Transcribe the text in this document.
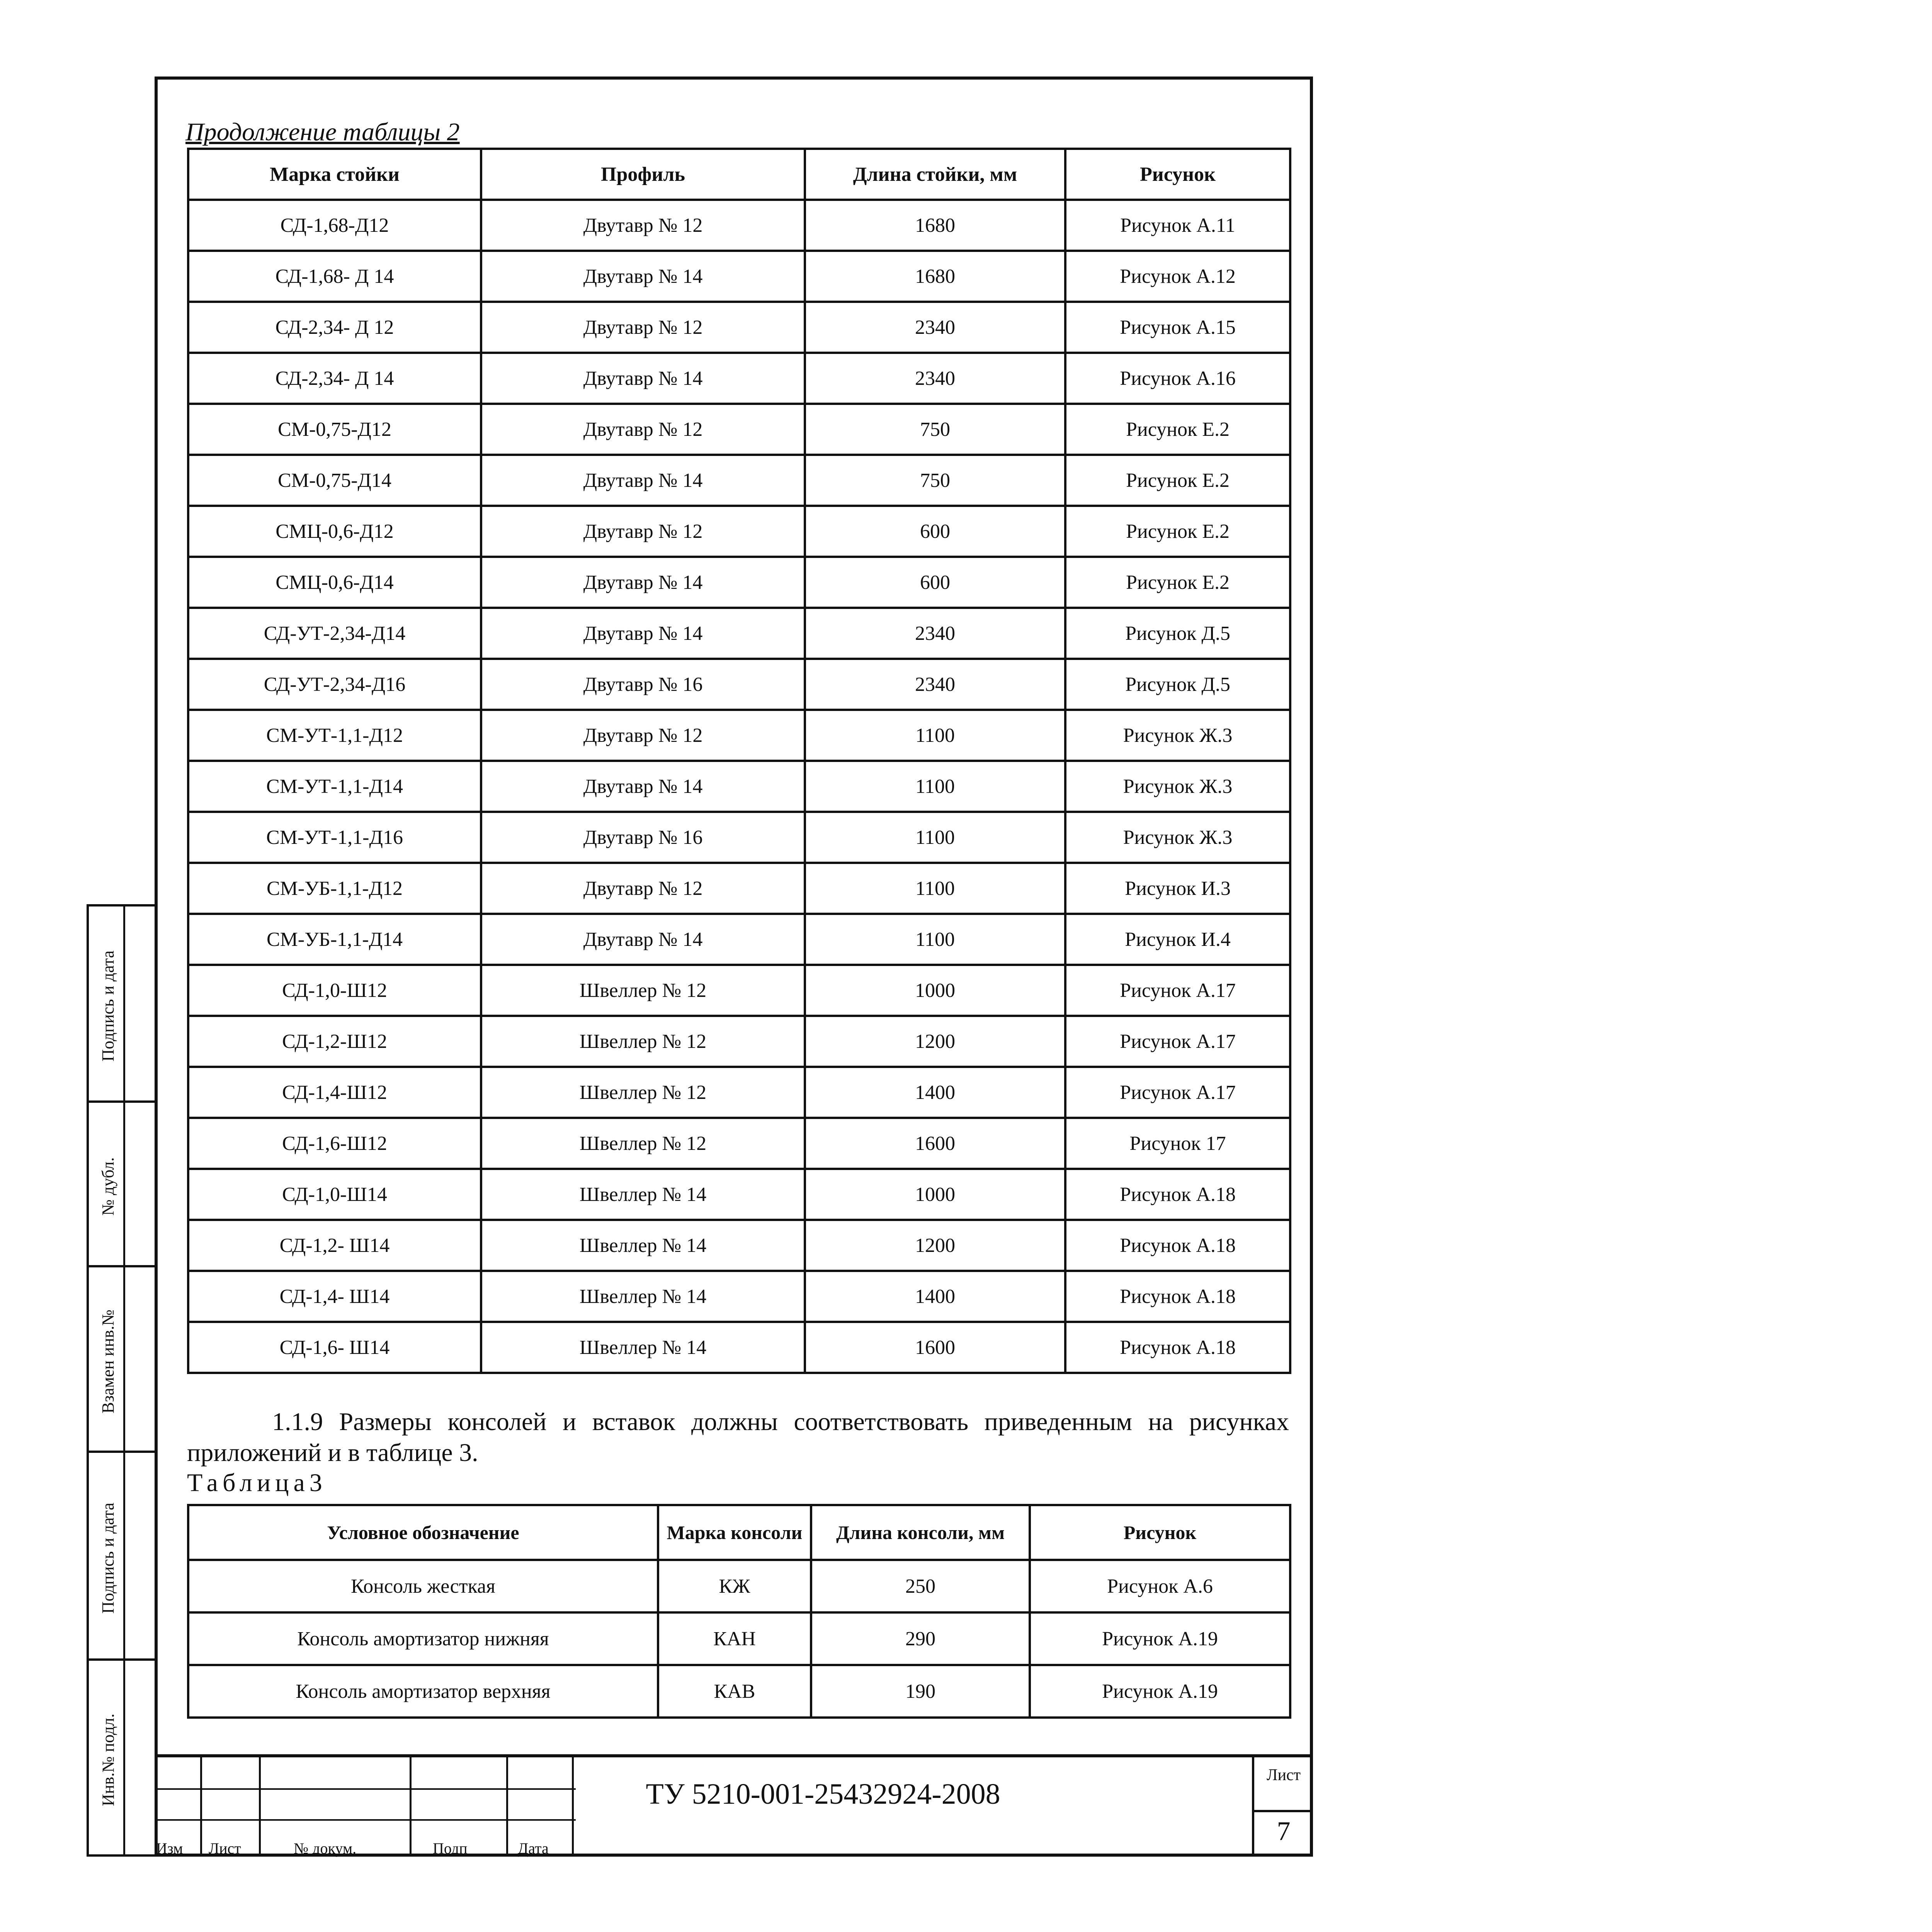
Продолжение таблицы 2
Марка стойки	Профиль	Длина стойки, мм	Рисунок
СД-1,68-Д12	Двутавр № 12	1680	Рисунок А.11
СД-1,68- Д 14	Двутавр № 14	1680	Рисунок А.12
СД-2,34- Д 12	Двутавр № 12	2340	Рисунок А.15
СД-2,34- Д 14	Двутавр № 14	2340	Рисунок А.16
СМ-0,75-Д12	Двутавр № 12	750	Рисунок Е.2
СМ-0,75-Д14	Двутавр № 14	750	Рисунок Е.2
СМЦ-0,6-Д12	Двутавр № 12	600	Рисунок Е.2
СМЦ-0,6-Д14	Двутавр № 14	600	Рисунок Е.2
СД-УТ-2,34-Д14	Двутавр № 14	2340	Рисунок Д.5
СД-УТ-2,34-Д16	Двутавр № 16	2340	Рисунок Д.5
СМ-УТ-1,1-Д12	Двутавр № 12	1100	Рисунок Ж.3
СМ-УТ-1,1-Д14	Двутавр № 14	1100	Рисунок Ж.3
СМ-УТ-1,1-Д16	Двутавр № 16	1100	Рисунок Ж.3
СМ-УБ-1,1-Д12	Двутавр № 12	1100	Рисунок И.3
СМ-УБ-1,1-Д14	Двутавр № 14	1100	Рисунок И.4
СД-1,0-Ш12	Швеллер № 12	1000	Рисунок А.17
СД-1,2-Ш12	Швеллер № 12	1200	Рисунок А.17
СД-1,4-Ш12	Швеллер № 12	1400	Рисунок А.17
СД-1,6-Ш12	Швеллер № 12	1600	Рисунок 17
СД-1,0-Ш14	Швеллер № 14	1000	Рисунок А.18
СД-1,2- Ш14	Швеллер № 14	1200	Рисунок А.18
СД-1,4- Ш14	Швеллер № 14	1400	Рисунок А.18
СД-1,6- Ш14	Швеллер № 14	1600	Рисунок А.18
1.1.9 Размеры консолей и вставок должны соответствовать приведенным на рисунках приложений и в таблице 3.
Таблица3
Условное обозначение	Марка консоли	Длина консоли, мм	Рисунок
Консоль жесткая	КЖ	250	Рисунок А.6
Консоль амортизатор нижняя	КАН	290	Рисунок А.19
Консоль амортизатор верхняя	КАВ	190	Рисунок А.19
Изм Лист	№ докум.	Подп	Дата
ТУ 5210-001-25432924-2008
Лист
7
Подпись и дата
№ дубл.
Взамен инв.№
Подпись и дата
Инв.№ подл.
